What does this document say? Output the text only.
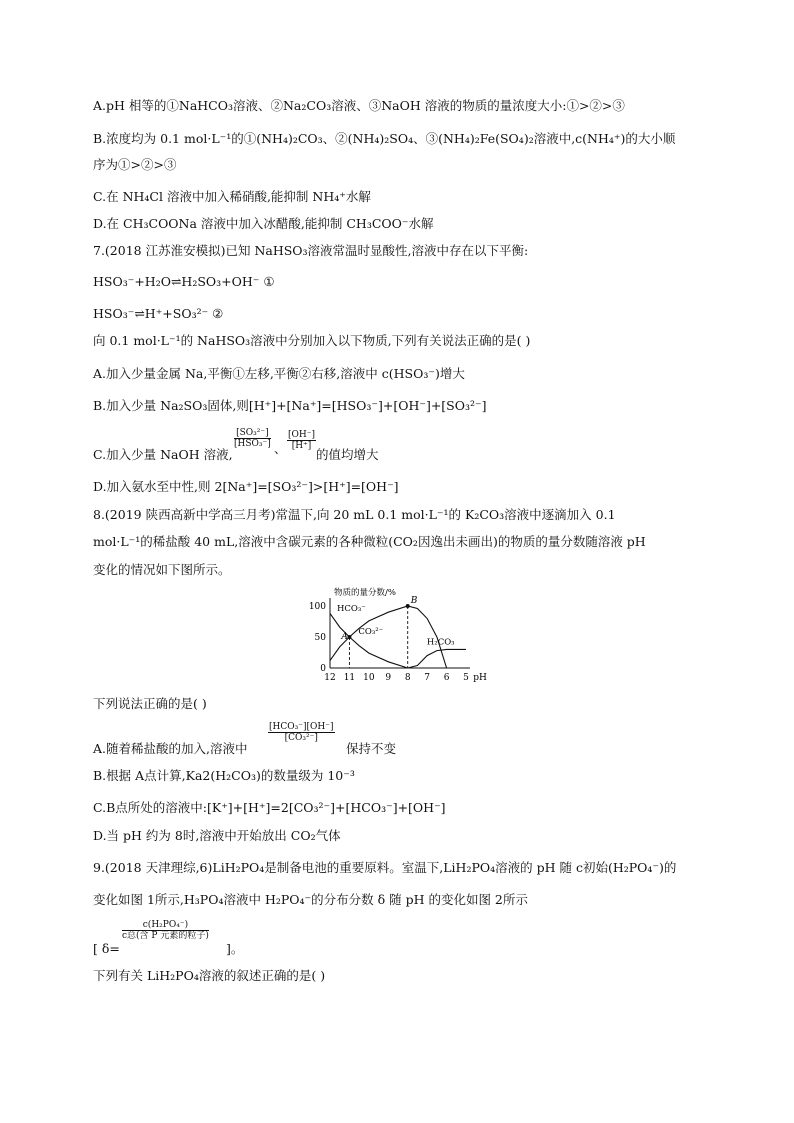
A.pH 相等的①NaHCO₃溶液、②Na₂CO₃溶液、③NaOH 溶液的物质的量浓度大小:①>②>③
B.浓度均为 0.1 mol·L⁻¹的①(NH₄)₂CO₃、②(NH₄)₂SO₄、③(NH₄)₂Fe(SO₄)₂溶液中,c(NH₄⁺)的大小顺
序为①>②>③
C.在 NH₄Cl 溶液中加入稀硝酸,能抑制 NH₄⁺水解
D.在 CH₃COONa 溶液中加入冰醋酸,能抑制 CH₃COO⁻水解
7.(2018 江苏淮安模拟)已知 NaHSO₃溶液常温时显酸性,溶液中存在以下平衡:
HSO₃⁻+H₂O⇌H₂SO₃+OH⁻ ①
HSO₃⁻⇌H⁺+SO₃²⁻ ②
向 0.1 mol·L⁻¹的 NaHSO₃溶液中分别加入以下物质,下列有关说法正确的是( )
A.加入少量金属 Na,平衡①左移,平衡②右移,溶液中 c(HSO₃⁻)增大
B.加入少量 Na₂SO₃固体,则[H⁺]+[Na⁺]=[HSO₃⁻]+[OH⁻]+[SO₃²⁻]
C.加入少量 NaOH 溶液,
[SO₃²⁻]
[HSO₃⁻] 、 $\frac{[OH^-]}{[H^+]}$
的值均增大
D.加入氨水至中性,则 2[Na⁺]=[SO₃²⁻]>[H⁺]=[OH⁻]
8.(2019 陕西高新中学高三月考)常温下,向 20 mL 0.1 mol·L⁻¹的 K₂CO₃溶液中逐滴加入 0.1
mol·L⁻¹的稀盐酸 40 mL,溶液中含碳元素的各种微粒(CO₂因逸出未画出)的物质的量分数随溶液 pH
变化的情况如下图所示。
物质的量分数/%
0
50
100
12 11 10 9 8 7 6 5 pH
HCO₃⁻
CO₃²⁻
H₂CO₃
A
B
下列说法正确的是( )
A.随着稀盐酸的加入,溶液中
[HCO₃⁻][OH⁻]
[CO₃²⁻]
保持不变
B.根据 A点计算,Ka2(H₂CO₃)的数量级为 10⁻³
C.B点所处的溶液中:[K⁺]+[H⁺]=2[CO₃²⁻]+[HCO₃⁻]+[OH⁻]
D.当 pH 约为 8时,溶液中开始放出 CO₂气体
9.(2018 天津理综,6)LiH₂PO₄是制备电池的重要原料。室温下,LiH₂PO₄溶液的 pH 随 c初始(H₂PO₄⁻)的
变化如图 1所示,H₃PO₄溶液中 H₂PO₄⁻的分布分数 δ 随 pH 的变化如图 2所示
[ δ=
c(H₂PO₄⁻)
c总(含 P 元素的粒子)
]。
下列有关 LiH₂PO₄溶液的叙述正确的是( )
